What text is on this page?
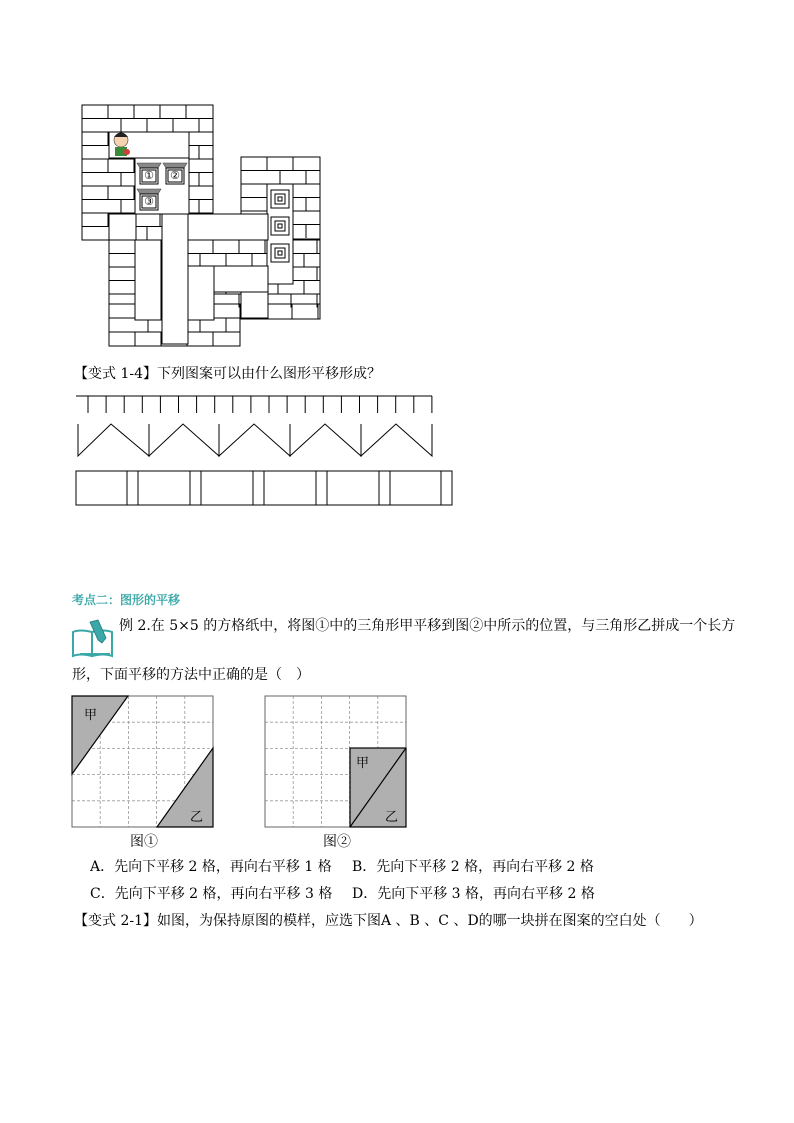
① ②
③
【变式 1-4】下列图案可以由什么图形平移形成？
考点二：图形的平移
例 2.在 5×5 的方格纸中，将图①中的三角形甲平移到图②中所示的位置，与三角形乙拼成一个长方
形，下面平移的方法中正确的是（　）
甲
乙
图①
甲
乙
图②
A．先向下平移 2 格，再向右平移 1 格 B．先向下平移 2 格，再向右平移 2 格
C．先向下平移 2 格，再向右平移 3 格 D．先向下平移 3 格，再向右平移 2 格
【变式 2-1】如图，为保持原图的模样，应选下图A 、B 、C 、D的哪一块拼在图案的空白处（　　）
